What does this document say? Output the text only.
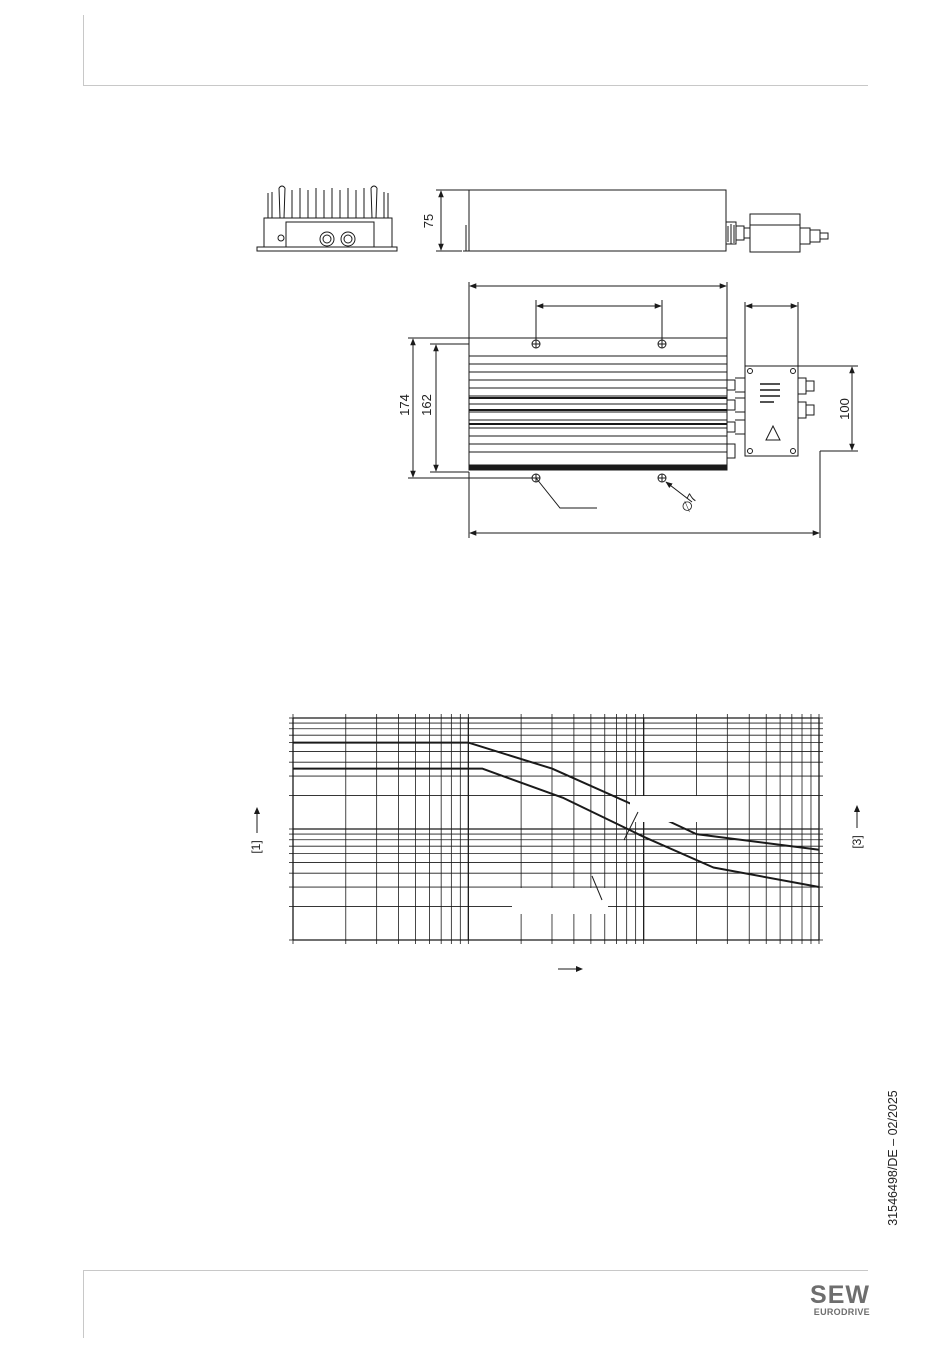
75
174 162	100
∅7
[1]	[3]
31546498/DE – 02/2025
SEW
EURODRIVE
